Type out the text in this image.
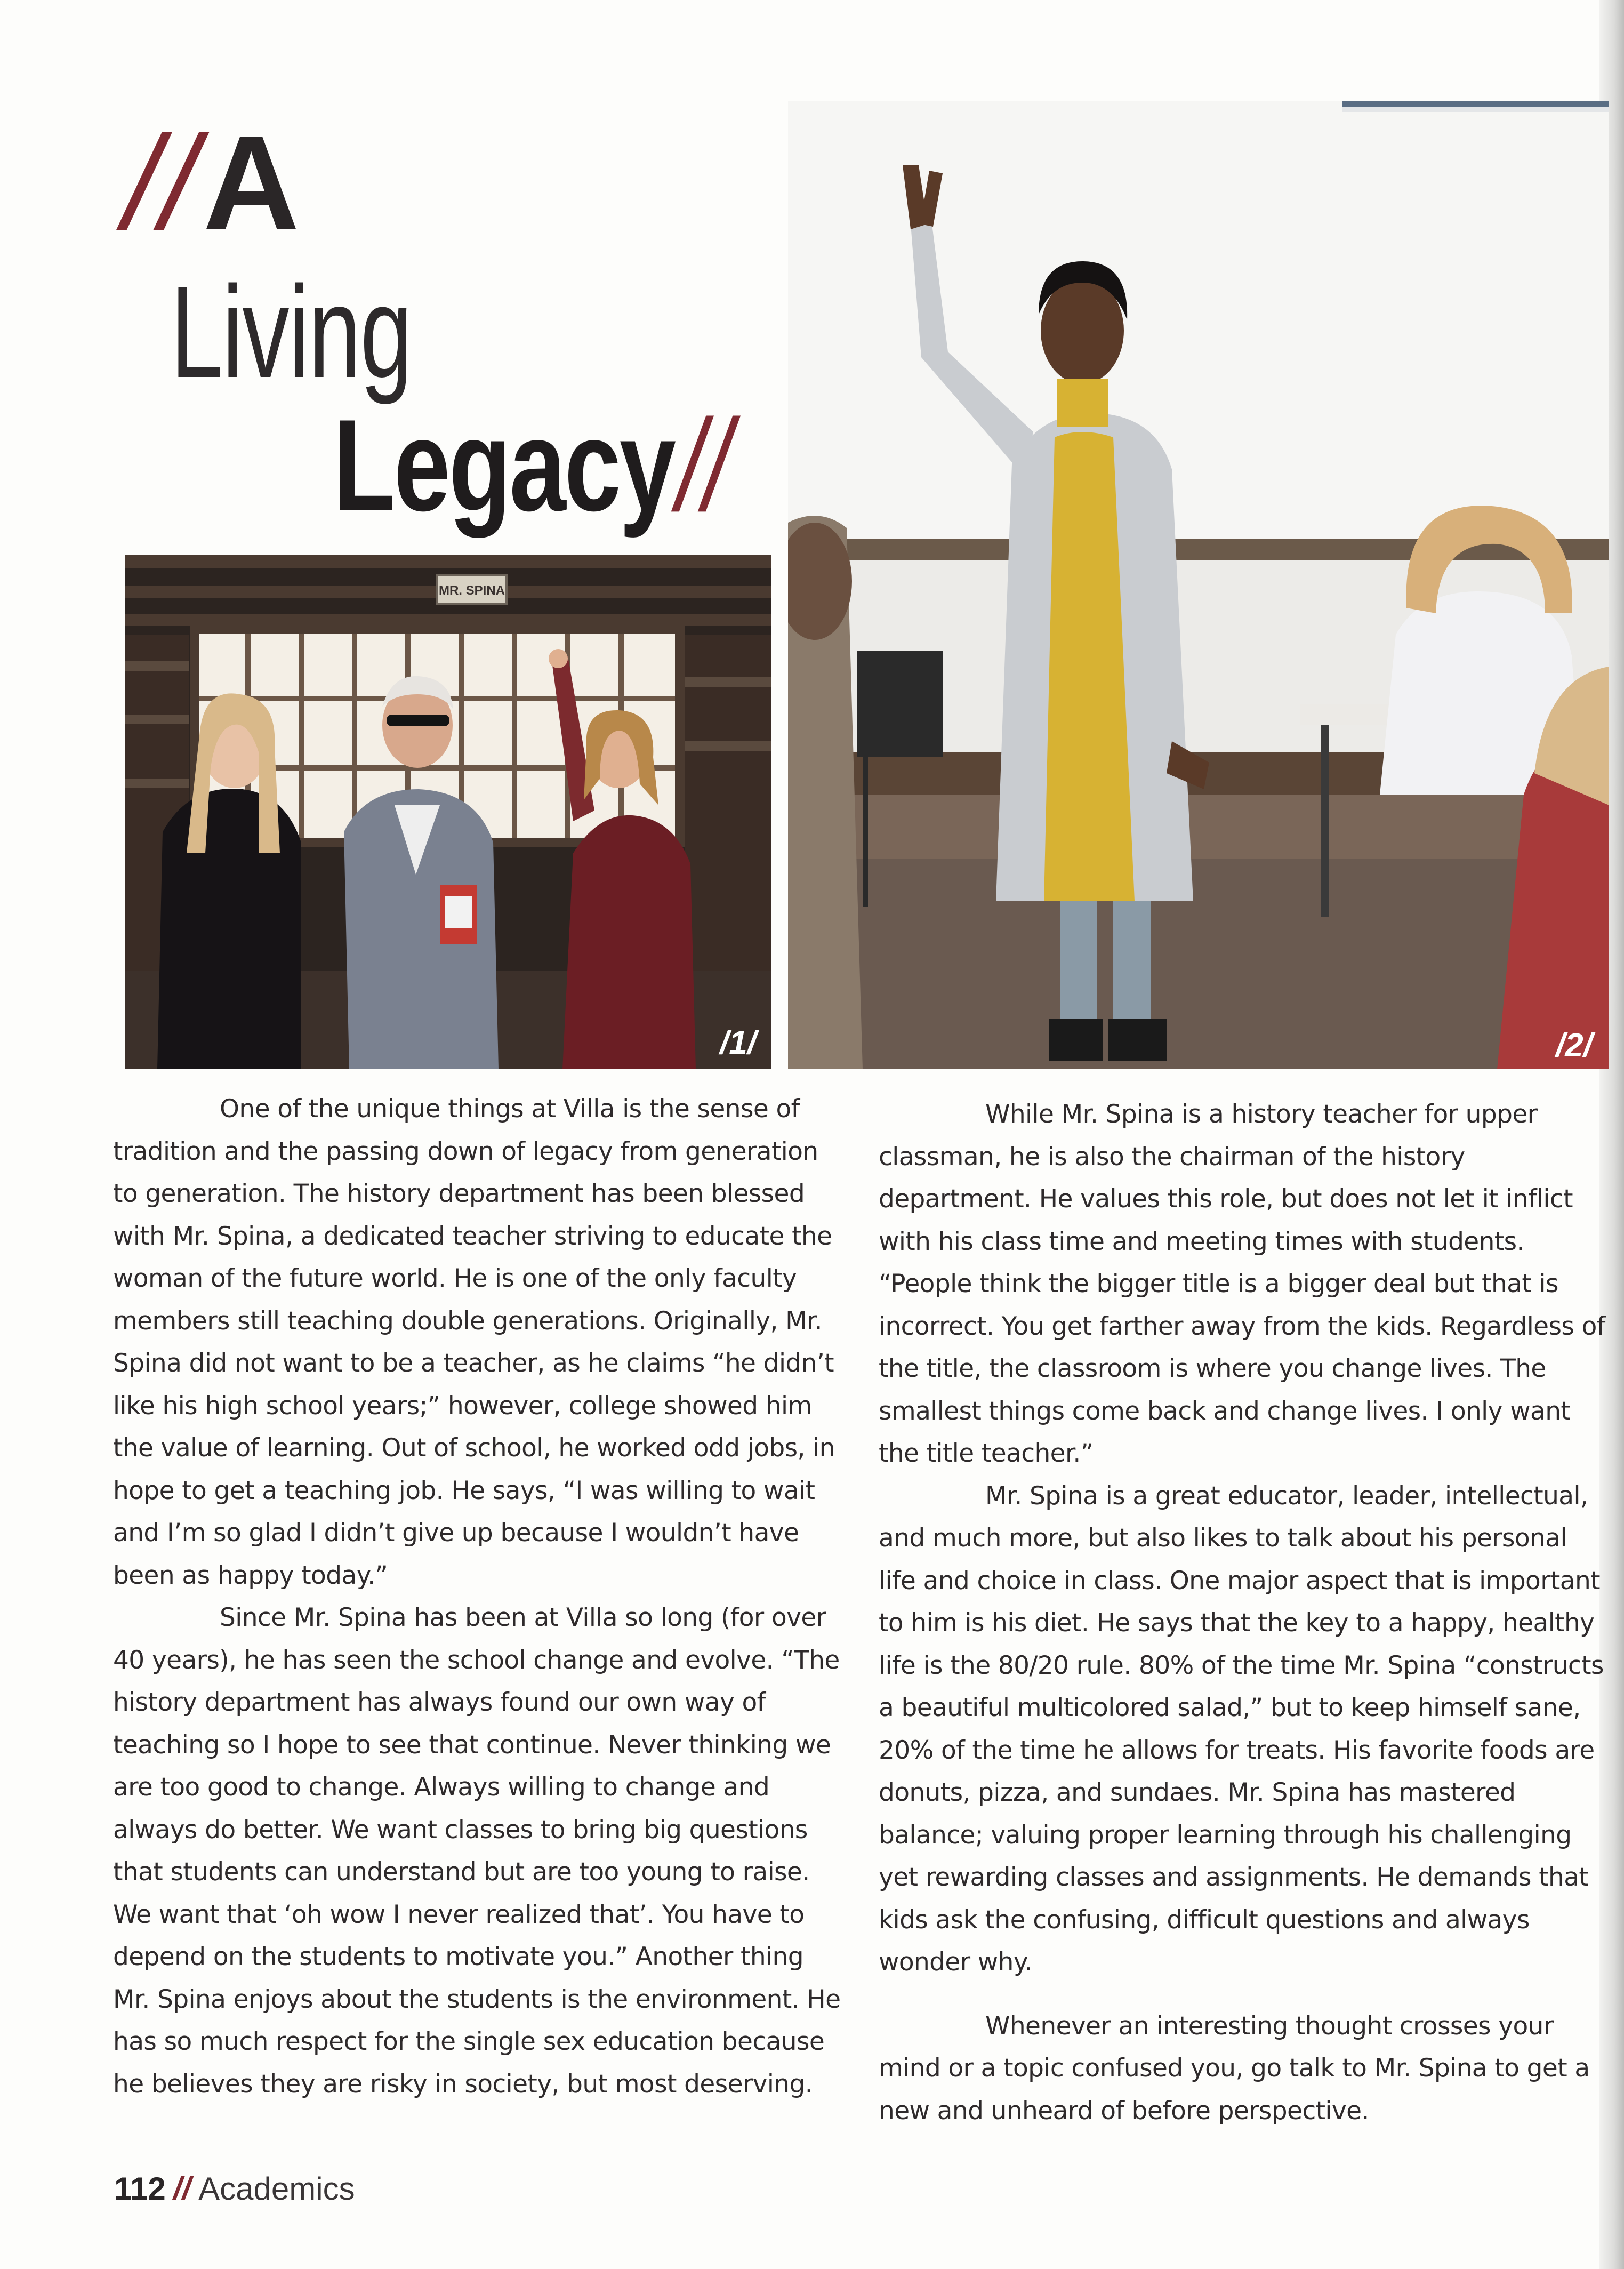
//A
Living
Legacy//
MR. SPINA
/1/	/2/

One of the unique things at Villa is the sense of tradition and the passing down of legacy from generation to generation. The history department has been blessed with Mr. Spina, a dedicated teacher striving to educate the woman of the future world. He is one of the only faculty members still teaching double generations. Originally, Mr. Spina did not want to be a teacher, as he claims “he didn’t like his high school years;” however, college showed him the value of learning. Out of school, he worked odd jobs, in hope to get a teaching job. He says, “I was willing to wait and I’m so glad I didn’t give up because I wouldn’t have been as happy today.”

Since Mr. Spina has been at Villa so long (for over 40 years), he has seen the school change and evolve. “The history department has always found our own way of teaching so I hope to see that continue. Never thinking we are too good to change. Always willing to change and always do better. We want classes to bring big questions that students can understand but are too young to raise. We want that ‘oh wow I never realized that’. You have to depend on the students to motivate you.” Another thing Mr. Spina enjoys about the students is the environment. He has so much respect for the single sex education because he believes they are risky in society, but most deserving.

While Mr. Spina is a history teacher for upper classman, he is also the chairman of the history department. He values this role, but does not let it inflict with his class time and meeting times with students. “People think the bigger title is a bigger deal but that is incorrect. You get farther away from the kids. Regardless of the title, the classroom is where you change lives. The smallest things come back and change lives. I only want the title teacher.”

Mr. Spina is a great educator, leader, intellectual, and much more, but also likes to talk about his personal life and choice in class. One major aspect that is important to him is his diet. He says that the key to a happy, healthy life is the 80/20 rule. 80% of the time Mr. Spina “constructs a beautiful multicolored salad,” but to keep himself sane, 20% of the time he allows for treats. His favorite foods are donuts, pizza, and sundaes. Mr. Spina has mastered balance; valuing proper learning through his challenging yet rewarding classes and assignments. He demands that kids ask the confusing, difficult questions and always wonder why.

Whenever an interesting thought crosses your mind or a topic confused you, go talk to Mr. Spina to get a new and unheard of before perspective.

112 // Academics
